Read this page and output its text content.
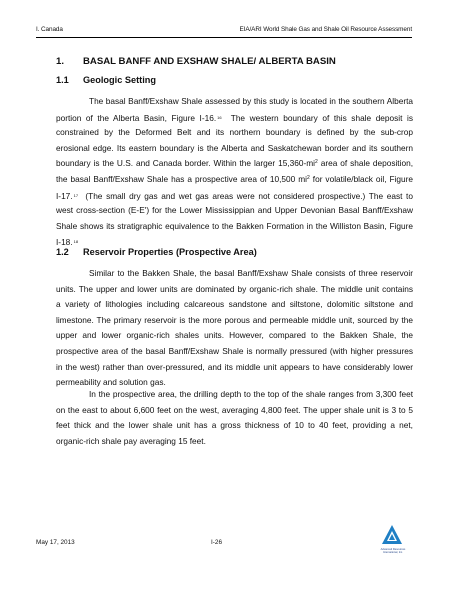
I. Canada	EIA/ARI World Shale Gas and Shale Oil Resource Assessment
1. BASAL BANFF AND EXSHAW SHALE/ ALBERTA BASIN
1.1 Geologic Setting
The basal Banff/Exshaw Shale assessed by this study is located in the southern Alberta
portion of the Alberta Basin, Figure I-16.16 The western boundary of this shale deposit is
constrained by the Deformed Belt and its northern boundary is defined by the sub-crop
erosional edge. Its eastern boundary is the Alberta and Saskatchewan border and its southern
boundary is the U.S. and Canada border. Within the larger $15,360-mi^2$ area of shale deposition,
the basal Banff/Exshaw Shale has a prospective area of 10,500 $mi^2$ for volatile/black oil, Figure
I-17.17 (The small dry gas and wet gas areas were not considered prospective.) The east to
west cross-section (E-E') for the Lower Mississippian and Upper Devonian Basal Banff/Exshaw
Shale shows its stratigraphic equivalence to the Bakken Formation in the Williston Basin, Figure
I-18.18
1.2 Reservoir Properties (Prospective Area)
Similar to the Bakken Shale, the basal Banff/Exshaw Shale consists of three reservoir
units. The upper and lower units are dominated by organic-rich shale. The middle unit contains
a variety of lithologies including calcareous sandstone and siltstone, dolomitic siltstone and
limestone. The primary reservoir is the more porous and permeable middle unit, sourced by the
upper and lower organic-rich shales units. However, compared to the Bakken Shale, the
prospective area of the basal Banff/Exshaw Shale is normally pressured (with higher pressures
in the west) rather than over-pressured, and its middle unit appears to have considerably lower
permeability and solution gas.
In the prospective area, the drilling depth to the top of the shale ranges from 3,300 feet
on the east to about 6,600 feet on the west, averaging 4,800 feet. The upper shale unit is 3 to 5
feet thick and the lower shale unit has a gross thickness of 10 to 40 feet, providing a net,
organic-rich shale pay averaging 15 feet.
May 17, 2013	I-26
Advanced Resources
International, Inc.
